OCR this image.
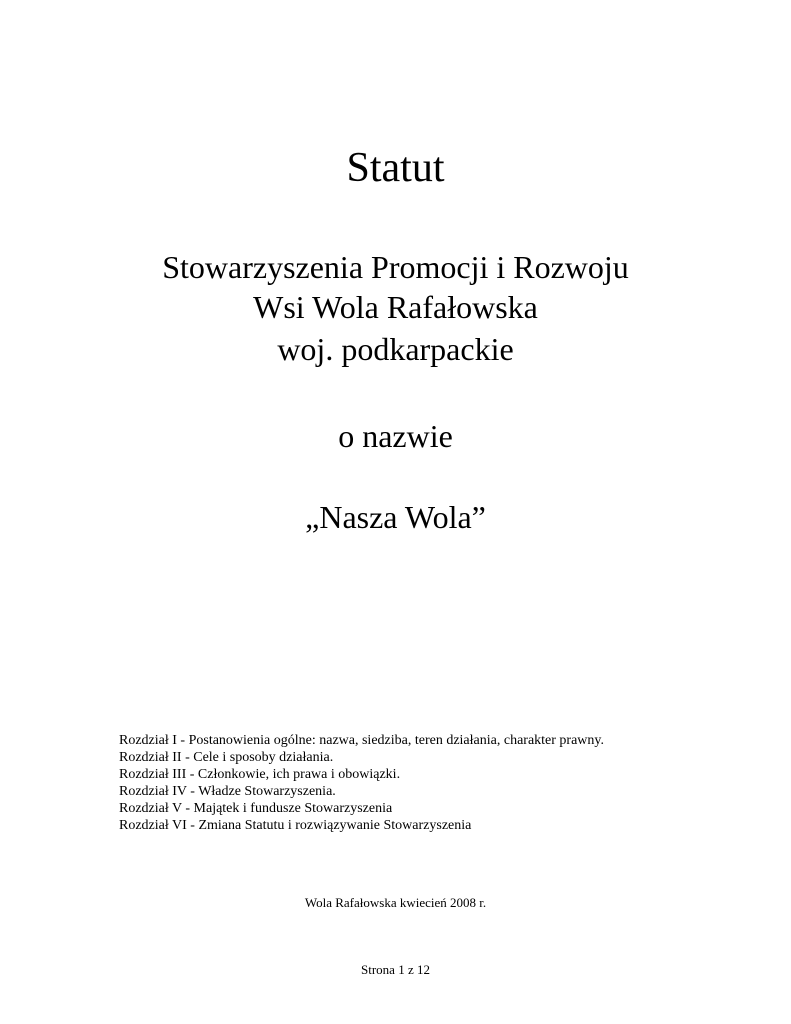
Statut
Stowarzyszenia Promocji i Rozwoju
Wsi Wola Rafałowska
woj. podkarpackie
o nazwie
„Nasza Wola”
Rozdział I - Postanowienia ogólne: nazwa, siedziba, teren działania, charakter prawny.
Rozdział II - Cele i sposoby działania.
Rozdział III - Członkowie, ich prawa i obowiązki.
Rozdział IV - Władze Stowarzyszenia.
Rozdział V - Majątek i fundusze Stowarzyszenia
Rozdział VI - Zmiana Statutu i rozwiązywanie Stowarzyszenia
Wola Rafałowska kwiecień 2008 r.
Strona 1 z 12
